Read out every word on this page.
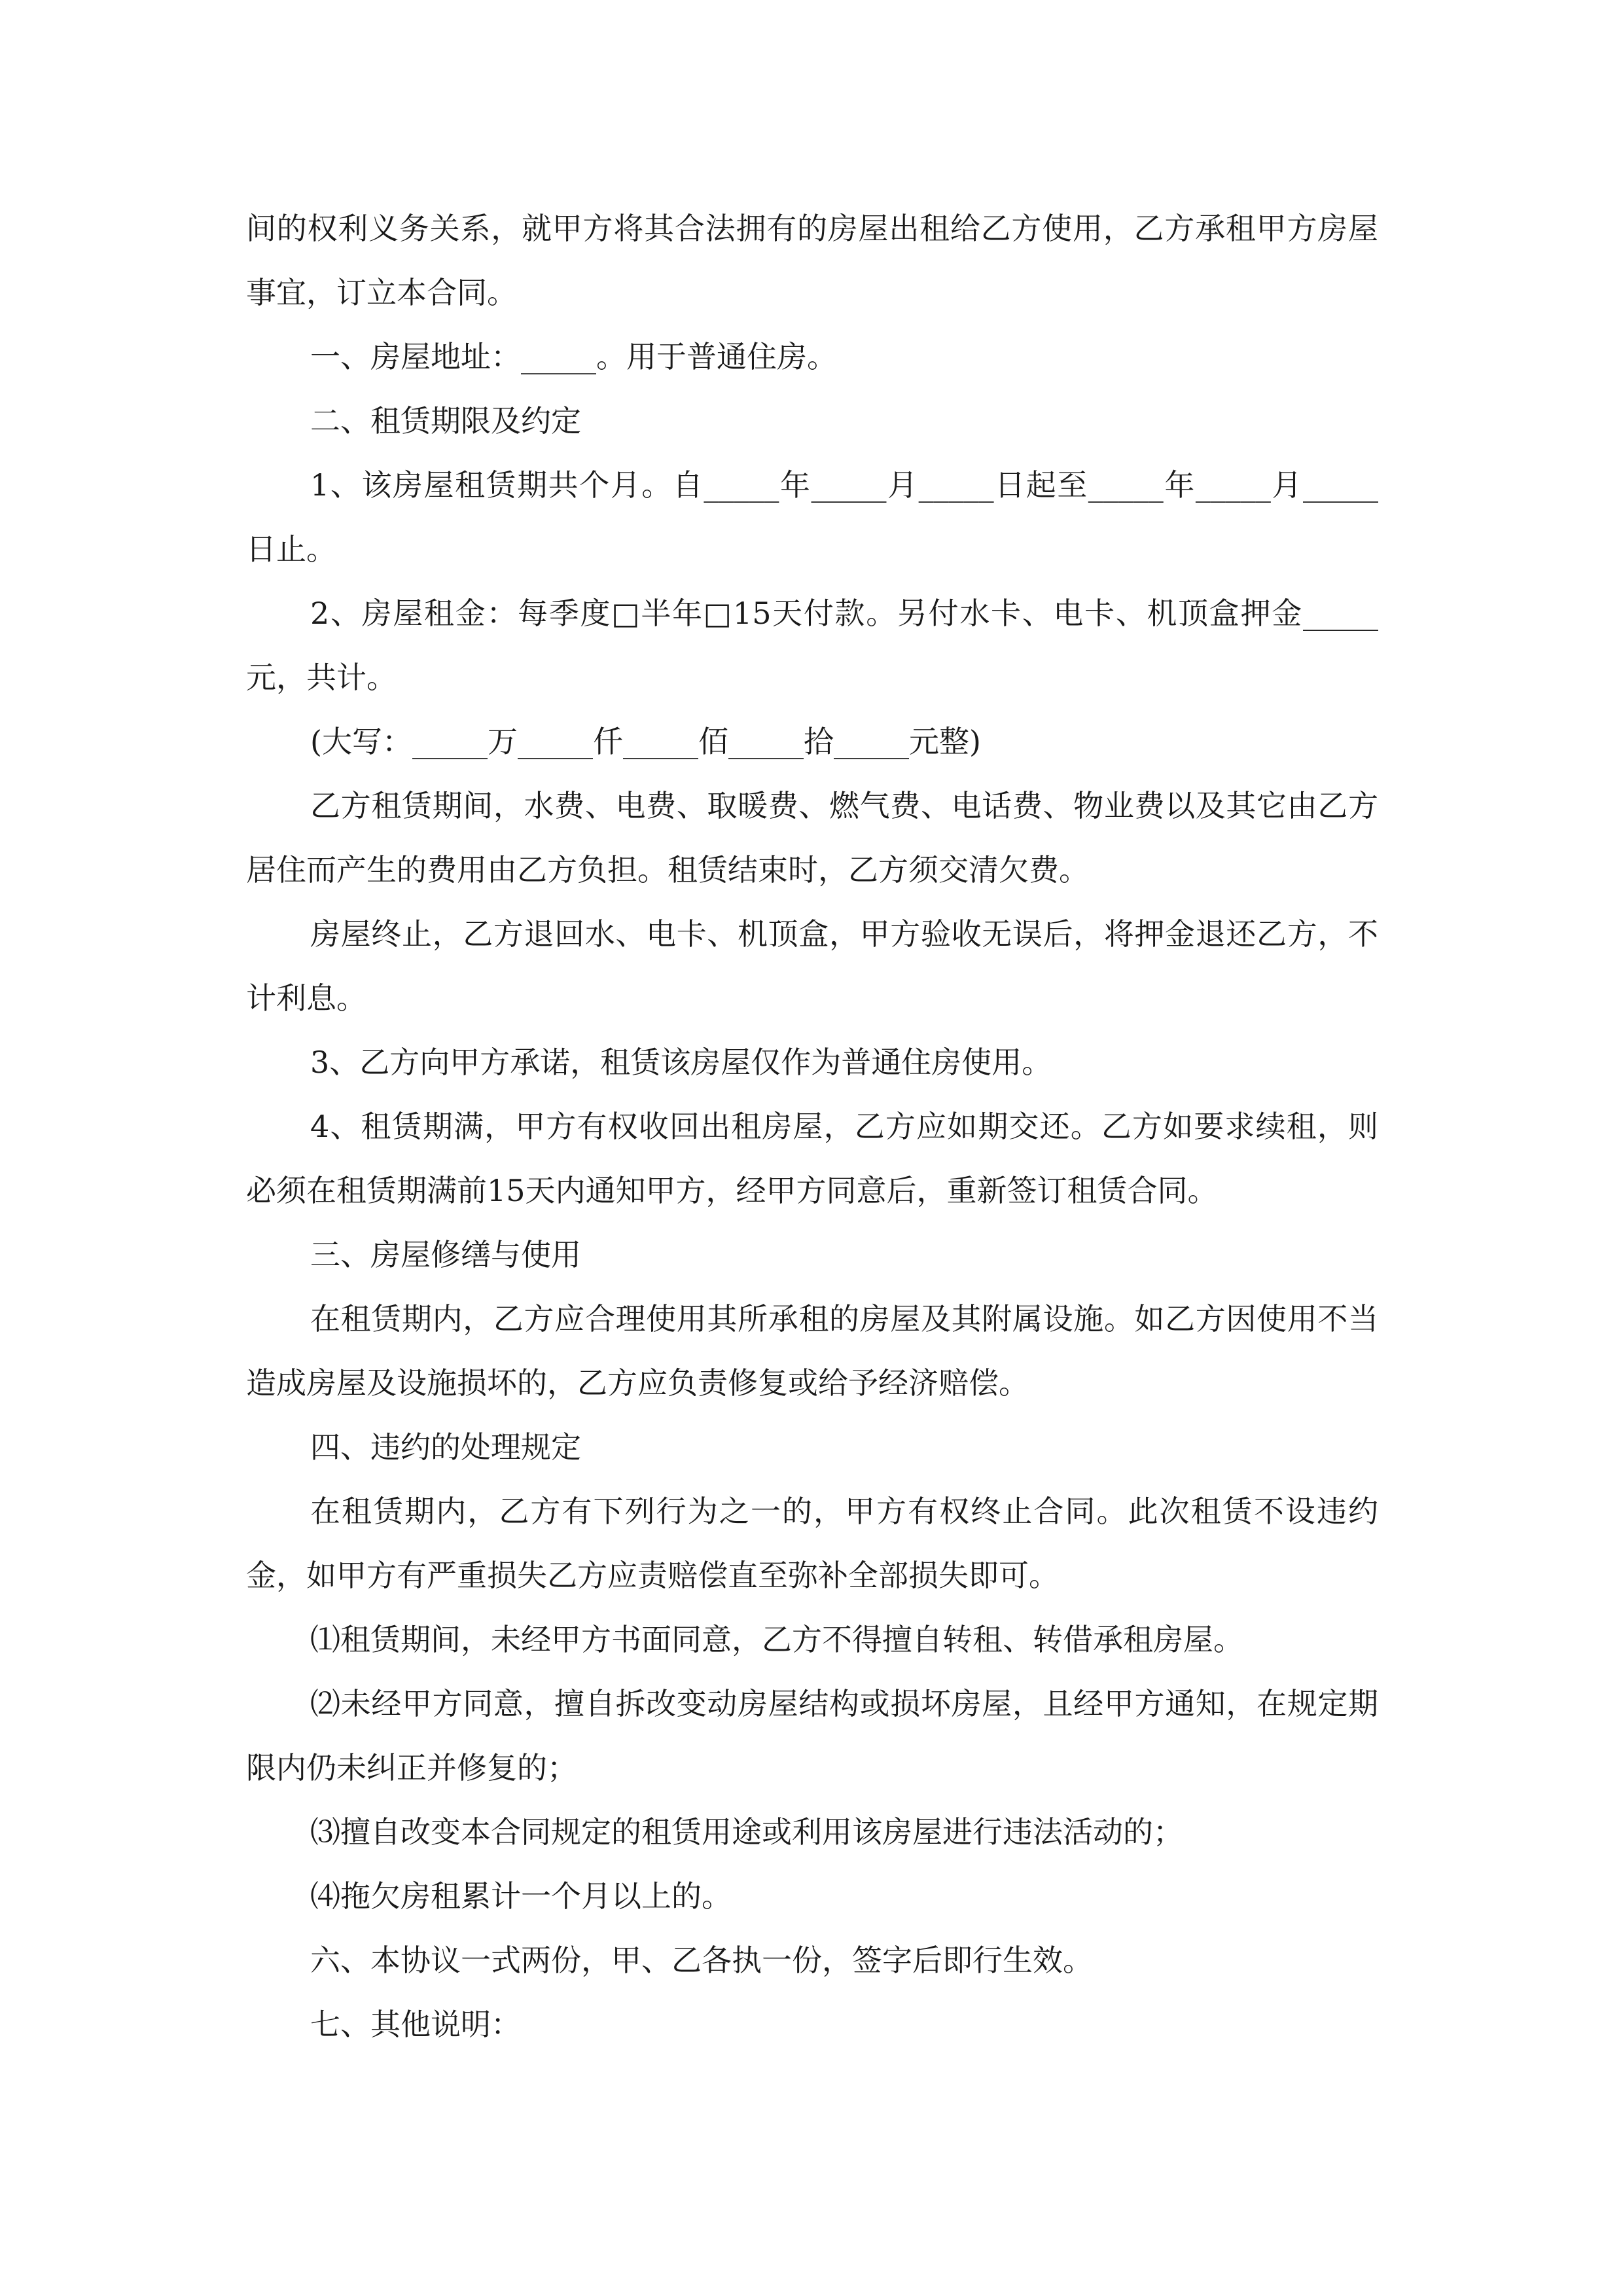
间的权利义务关系，就甲方将其合法拥有的房屋出租给乙方使用，乙方承租甲方房屋事宜，订立本合同。

一、房屋地址：_____。用于普通住房。

二、租赁期限及约定

1、该房屋租赁期共个月。自_____年_____月_____日起至_____年_____月_____日止。

2、房屋租金：每季度□半年□15天付款。另付水卡、电卡、机顶盒押金_____元，共计。

(大写：_____万_____仟_____佰_____拾_____元整)

乙方租赁期间，水费、电费、取暖费、燃气费、电话费、物业费以及其它由乙方居住而产生的费用由乙方负担。租赁结束时，乙方须交清欠费。

房屋终止，乙方退回水、电卡、机顶盒，甲方验收无误后，将押金退还乙方，不计利息。

3、乙方向甲方承诺，租赁该房屋仅作为普通住房使用。

4、租赁期满，甲方有权收回出租房屋，乙方应如期交还。乙方如要求续租，则必须在租赁期满前15天内通知甲方，经甲方同意后，重新签订租赁合同。

三、房屋修缮与使用

在租赁期内，乙方应合理使用其所承租的房屋及其附属设施。如乙方因使用不当造成房屋及设施损坏的，乙方应负责修复或给予经济赔偿。

四、违约的处理规定

在租赁期内，乙方有下列行为之一的，甲方有权终止合同。此次租赁不设违约金，如甲方有严重损失乙方应责赔偿直至弥补全部损失即可。

⑴租赁期间，未经甲方书面同意，乙方不得擅自转租、转借承租房屋。

⑵未经甲方同意，擅自拆改变动房屋结构或损坏房屋，且经甲方通知，在规定期限内仍未纠正并修复的；

⑶擅自改变本合同规定的租赁用途或利用该房屋进行违法活动的；

⑷拖欠房租累计一个月以上的。

六、本协议一式两份，甲、乙各执一份，签字后即行生效。

七、其他说明：
